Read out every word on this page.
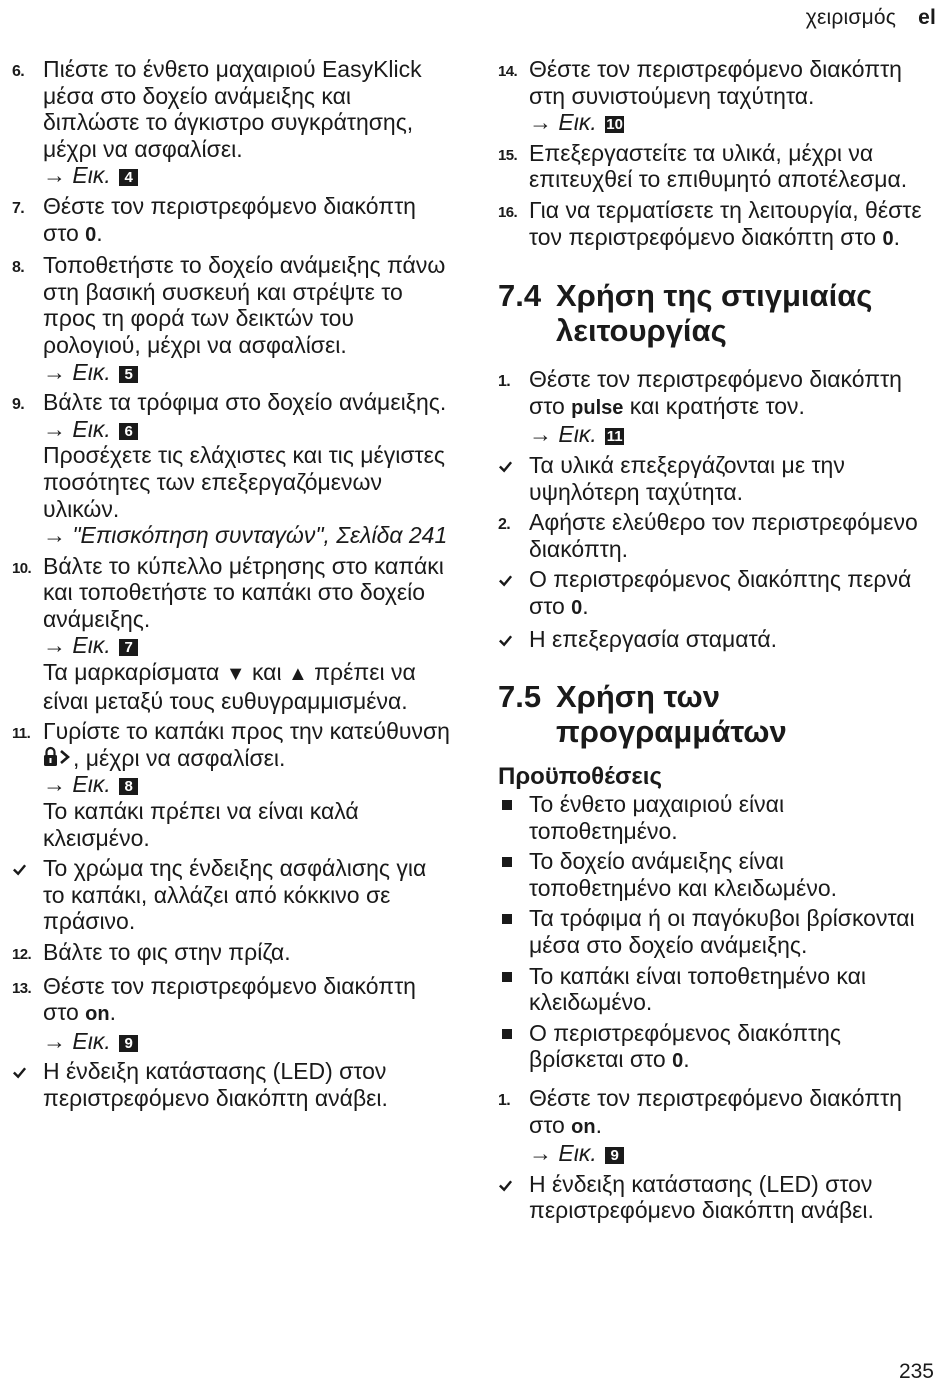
χειρισμός el
6. Πιέστε το ένθετο μαχαιριού EasyKlick μέσα στο δοχείο ανάμειξης και διπλώστε το άγκιστρο συγκράτησης, μέχρι να ασφαλίσει.

→ Εικ. 4

7. Θέστε τον περιστρεφόμενο διακόπτη στο 0.

8. Τοποθετήστε το δοχείο ανάμειξης πάνω στη βασική συσκευή και στρέψτε το προς τη φορά των δεικτών του ρολογιού, μέχρι να ασφαλίσει.

→ Εικ. 5

9. Βάλτε τα τρόφιμα στο δοχείο ανάμειξης.

→ Εικ. 6

Προσέχετε τις ελάχιστες και τις μέγιστες ποσότητες των επεξεργαζόμενων υλικών.

→ "Επισκόπηση συνταγών", Σελίδα 241

10. Βάλτε το κύπελλο μέτρησης στο καπάκι και τοποθετήστε το καπάκι στο δοχείο ανάμειξης.

→ Εικ. 7

Τα μαρκαρίσματα ▼ και ▲ πρέπει να είναι μεταξύ τους ευθυγραμμισμένα.

11. Γυρίστε το καπάκι προς την κατεύθυνση , μέχρι να ασφαλίσει.

→ Εικ. 8

Το καπάκι πρέπει να είναι καλά κλεισμένο.

Το χρώμα της ένδειξης ασφάλισης για το καπάκι, αλλάζει από κόκκινο σε πράσινο.

12. Βάλτε το φις στην πρίζα.

13. Θέστε τον περιστρεφόμενο διακόπτη στο on.

→ Εικ. 9

Η ένδειξη κατάστασης (LED) στον περιστρεφόμενο διακόπτη ανάβει.

14. Θέστε τον περιστρεφόμενο διακόπτη στη συνιστούμενη ταχύτητα.

→ Εικ. 10

15. Επεξεργαστείτε τα υλικά, μέχρι να επιτευχθεί το επιθυμητό αποτέλεσμα.

16. Για να τερματίσετε τη λειτουργία, θέστε τον περιστρεφόμενο διακόπτη στο 0.

7.4 Χρήση της στιγμιαίας λειτουργίας
1. Θέστε τον περιστρεφόμενο διακόπτη στο pulse και κρατήστε τον.

→ Εικ. 11

Τα υλικά επεξεργάζονται με την υψηλότερη ταχύτητα.

2. Αφήστε ελεύθερο τον περιστρεφόμενο διακόπτη.

Ο περιστρεφόμενος διακόπτης περνά στο 0.

Η επεξεργασία σταματά.

7.5 Χρήση των προγραμμάτων
Προϋποθέσεις

Το ένθετο μαχαιριού είναι τοποθετημένο.

Το δοχείο ανάμειξης είναι τοποθετημένο και κλειδωμένο.

Τα τρόφιμα ή οι παγόκυβοι βρίσκονται μέσα στο δοχείο ανάμειξης.

Το καπάκι είναι τοποθετημένο και κλειδωμένο.

Ο περιστρεφόμενος διακόπτης βρίσκεται στο 0.

1. Θέστε τον περιστρεφόμενο διακόπτη στο on.

→ Εικ. 9

Η ένδειξη κατάστασης (LED) στον περιστρεφόμενο διακόπτη ανάβει.

235
